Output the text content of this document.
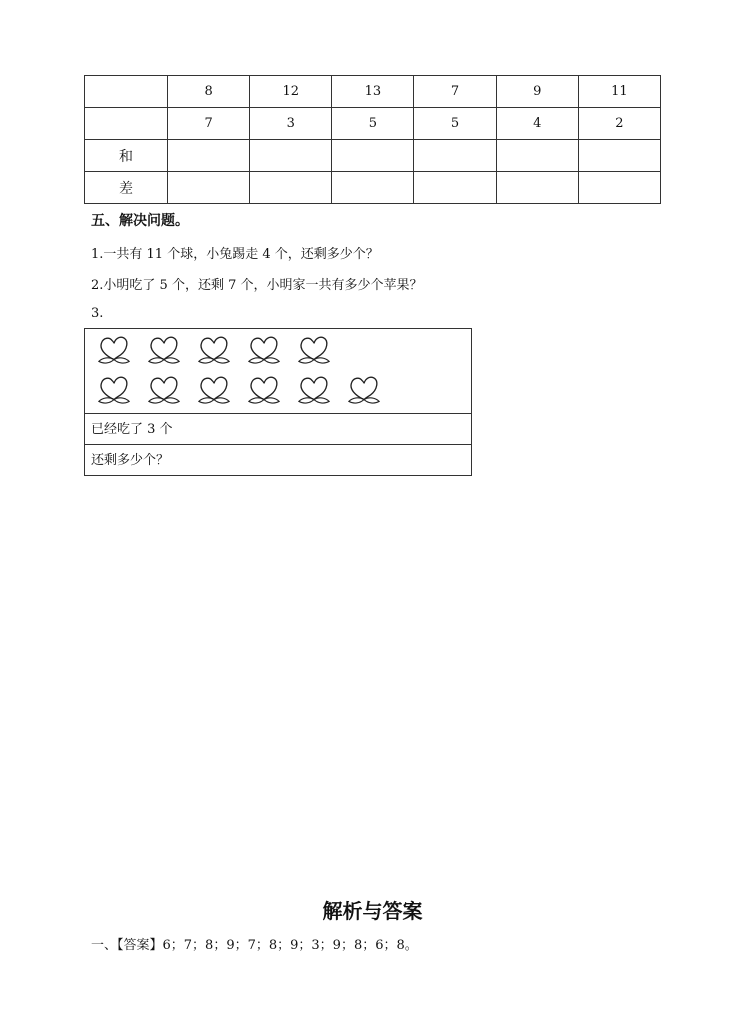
	8	12	13	7	9	11
	7	3	5	5	4	2
和						
差						
五、解决问题。
1.一共有 11 个球，小兔踢走 4 个，还剩多少个？
2.小明吃了 5 个，还剩 7 个，小明家一共有多少个苹果？
3.
已经吃了 3 个
还剩多少个？
解析与答案
一、【答案】6；7；8；9；7；8；9；3；9；8；6；8。
